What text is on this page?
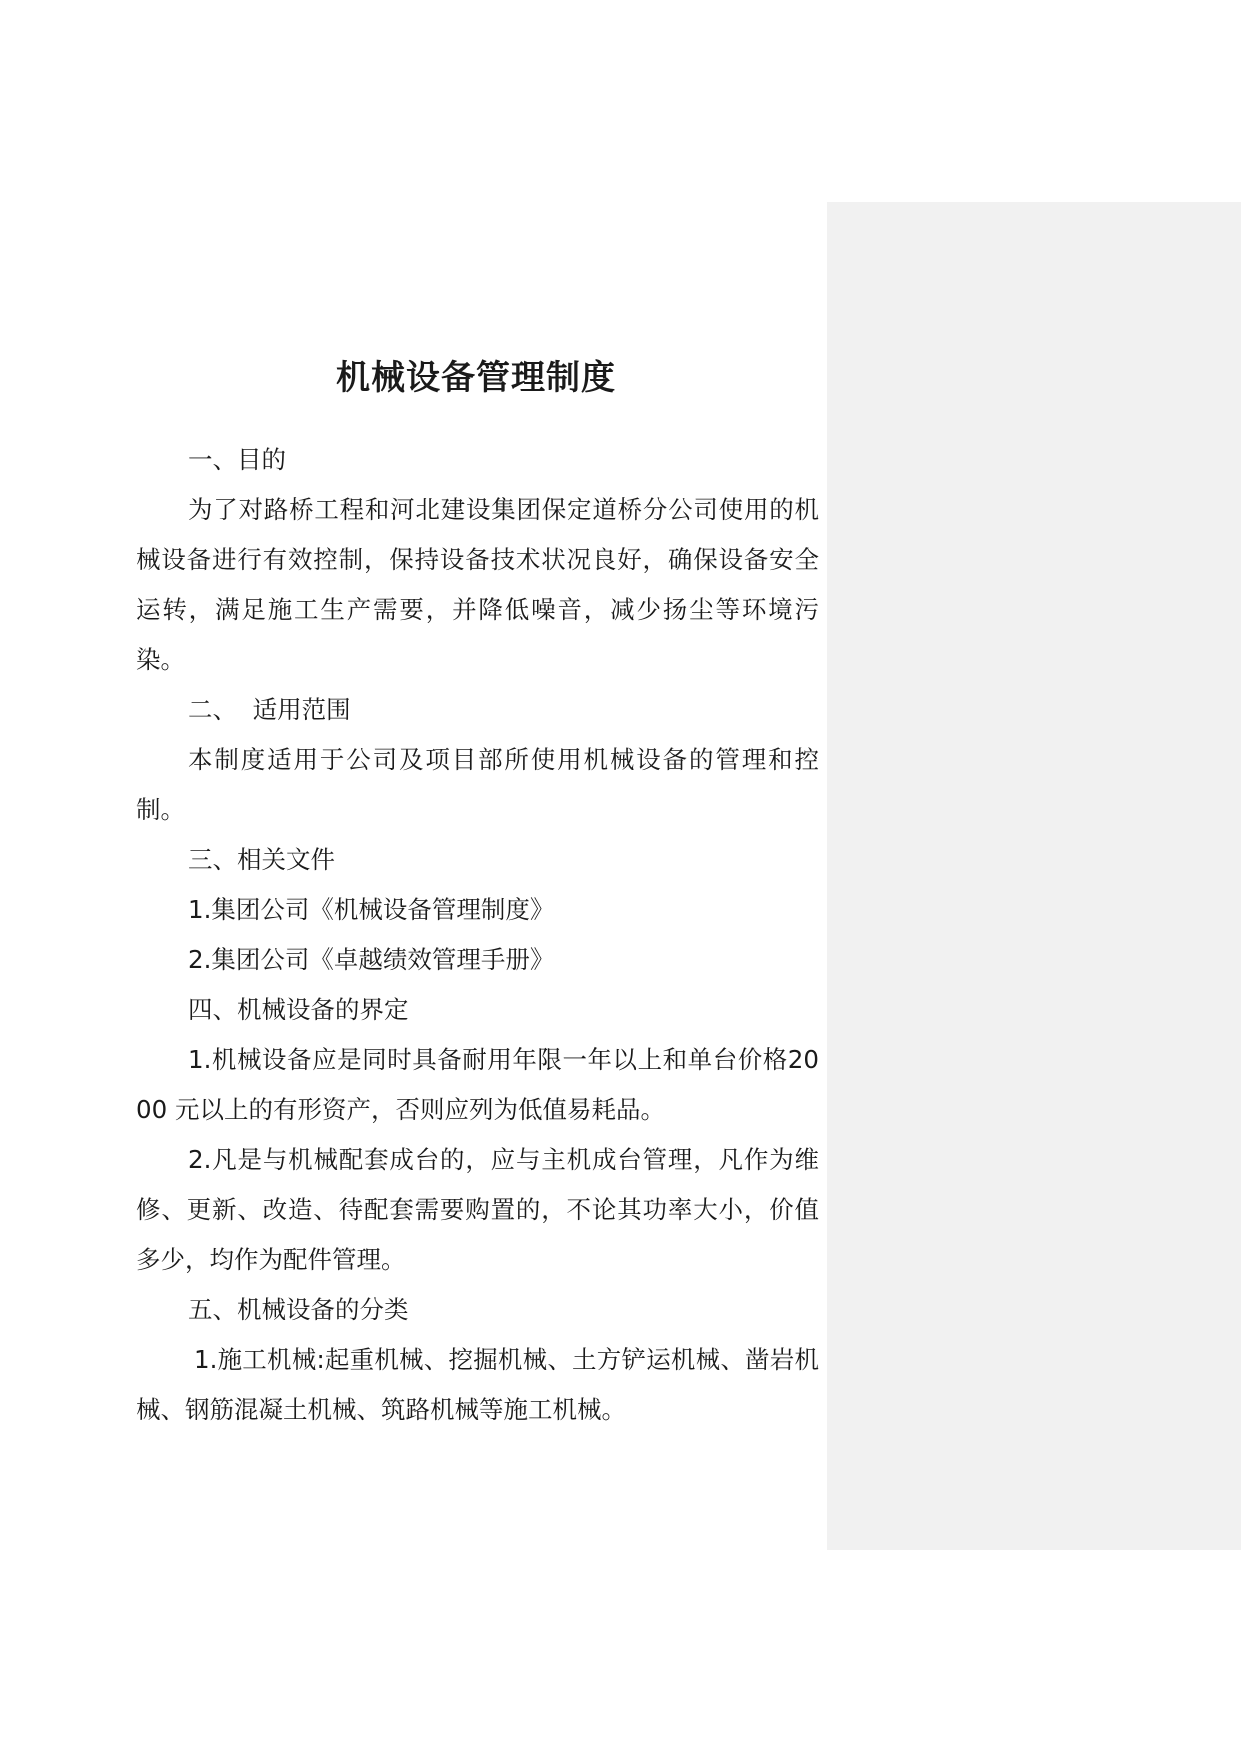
机械设备管理制度

一、目的

为了对路桥工程和河北建设集团保定道桥分公司使用的机械设备进行有效控制，保持设备技术状况良好，确保设备安全运转，满足施工生产需要，并降低噪音，减少扬尘等环境污染。

二、  适用范围

本制度适用于公司及项目部所使用机械设备的管理和控制。

三、相关文件

1.集团公司《机械设备管理制度》

2.集团公司《卓越绩效管理手册》

四、机械设备的界定

1.机械设备应是同时具备耐用年限一年以上和单台价格2000 元以上的有形资产，否则应列为低值易耗品。

2.凡是与机械配套成台的，应与主机成台管理，凡作为维修、更新、改造、待配套需要购置的，不论其功率大小，价值多少，均作为配件管理。

五、机械设备的分类

1.施工机械:起重机械、挖掘机械、土方铲运机械、凿岩机械、钢筋混凝土机械、筑路机械等施工机械。
